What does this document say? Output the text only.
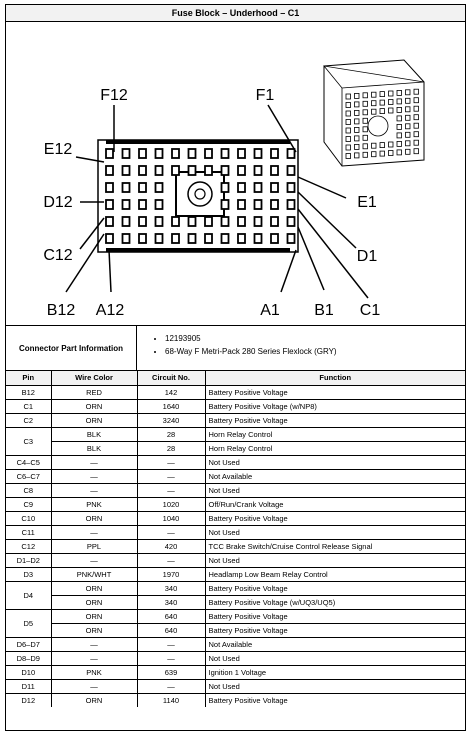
Fuse Block – Underhood – C1
F12	F1
E12
E1
D12
D1
C12
C1
B12	B1
A12	A1
Connector Part Information
• 12193905
• 68-Way F Metri-Pack 280 Series Flexlock (GRY)
Pin	Wire Color	Circuit No.	Function
B12	RED	142	Battery Positive Voltage
C1	ORN	1640	Battery Positive Voltage (w/NP8)
C2	ORN	3240	Battery Positive Voltage
C3	BLK	28	Horn Relay Control
	BLK	28	Horn Relay Control
C4–C5	—	—	Not Used
C6–C7	—	—	Not Available
C8	—	—	Not Used
C9	PNK	1020	Off/Run/Crank Voltage
C10	ORN	1040	Battery Positive Voltage
C11	—	—	Not Used
C12	PPL	420	TCC Brake Switch/Cruise Control Release Signal
D1–D2	—	—	Not Used
D3	PNK/WHT	1970	Headlamp Low Beam Relay Control
D4	ORN	340	Battery Positive Voltage
	ORN	340	Battery Positive Voltage (w/UQ3/UQ5)
D5	ORN	640	Battery Positive Voltage
	ORN	640	Battery Positive Voltage
D6–D7	—	—	Not Available
D8–D9	—	—	Not Used
D10	PNK	639	Ignition 1 Voltage
D11	—	—	Not Used
D12	ORN	1140	Battery Positive Voltage
